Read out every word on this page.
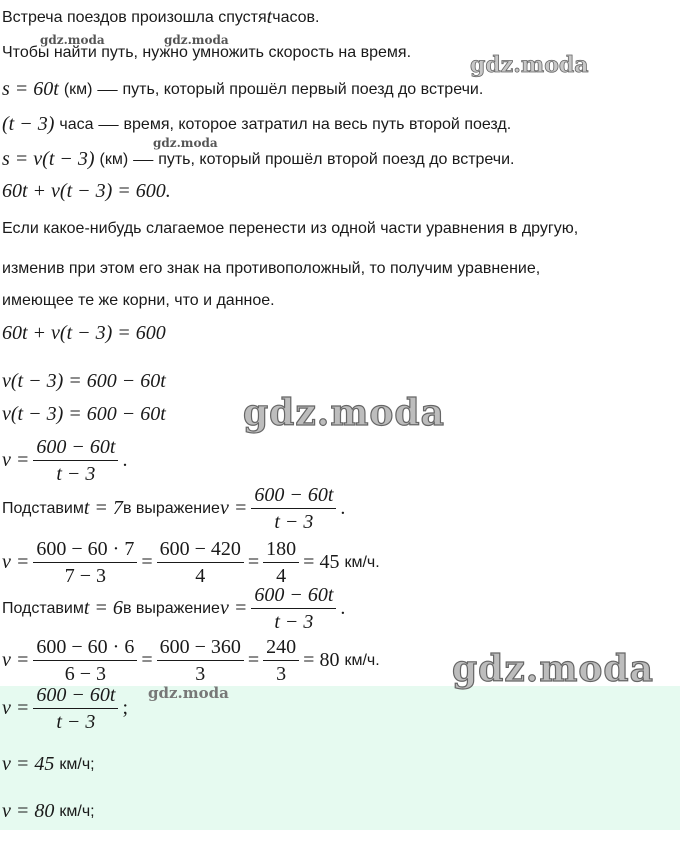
Встреча поездов произошла спустя t часов.
Чтобы найти путь, нужно умножить скорость на время.
s = 60t (км) — путь, который прошёл первый поезд до встречи.
(t − 3) часа — время, которое затратил на весь путь второй поезд.
s = v(t − 3) (км) — путь, который прошёл второй поезд до встречи.
60t + v(t − 3) = 600.
Если какое-нибудь слагаемое перенести из одной части уравнения в другую,
изменив при этом его знак на противоположный, то получим уравнение,
имеющее те же корни, что и данное.
60t + v(t − 3) = 600
v(t − 3) = 600 − 60t
v(t − 3) = 600 − 60t
$v = \frac{600 - 60t}{t - 3}$ .
Подставим t = 7 в выражение $v = \frac{600 - 60t}{t - 3}$ .
$v = \frac{600 - 60 \cdot 7}{7 - 3} = \frac{600 - 420}{4} = \frac{180}{4} = 45$ км/ч.
Подставим t = 6 в выражение $v = \frac{600 - 60t}{t - 3}$ .
$v = \frac{600 - 60 \cdot 6}{6 - 3} = \frac{600 - 360}{3} = \frac{240}{3} = 80$ км/ч.
$v = \frac{600 - 60t}{t - 3}$ ;
v = 45 км/ч;
v = 80 км/ч;
gdz.moda	gdz.moda
gdz.moda
gdz.moda
gdz.moda
gdz.moda
gdz.moda
